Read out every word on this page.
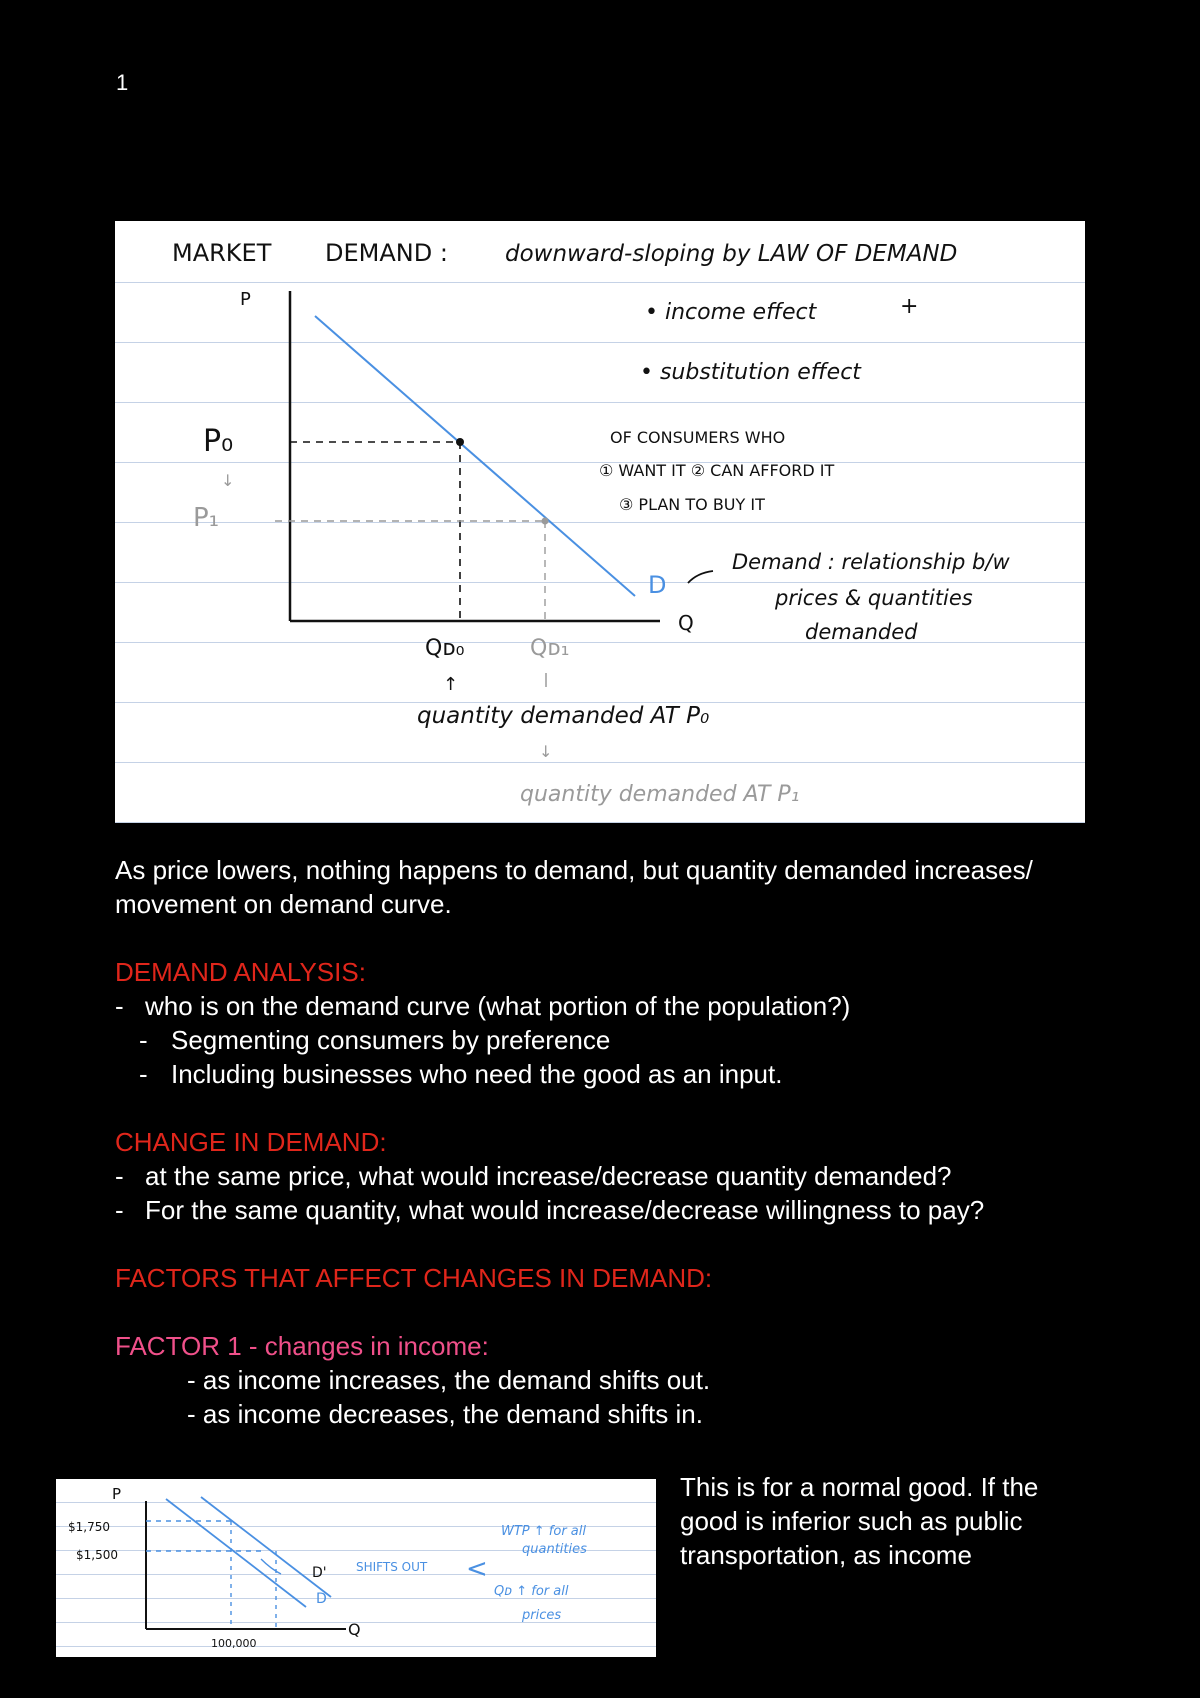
1
MARKET DEMAND : downward-sloping by LAW OF DEMAND
P
Q
D
P₀
↓
P₁
Qᴅ₀	Qᴅ₁
↑
quantity demanded AT P₀
↓
quantity demanded AT P₁
• income effect	+
• substitution effect
OF CONSUMERS WHO
① WANT IT ② CAN AFFORD IT
③ PLAN TO BUY IT
Demand : relationship b/w
prices & quantities
demanded

As price lowers, nothing happens to demand, but quantity demanded increases/ movement on demand curve.

DEMAND ANALYSIS:
- who is on the demand curve (what portion of the population?)
- Segmenting consumers by preference
- Including businesses who need the good as an input.
CHANGE IN DEMAND:
- at the same price, what would increase/decrease quantity demanded?
- For the same quantity, what would increase/decrease willingness to pay?
FACTORS THAT AFFECT CHANGES IN DEMAND:
FACTOR 1 - changes in income:
- as income increases, the demand shifts out.
- as income decreases, the demand shifts in.
P
Q
$1,750
$1,500
D'
D
SHIFTS OUT <
WTP ↑ for all
quantities
Qᴅ ↑ for all
prices
100,000
This is for a normal good. If the good is inferior such as public transportation, as income
